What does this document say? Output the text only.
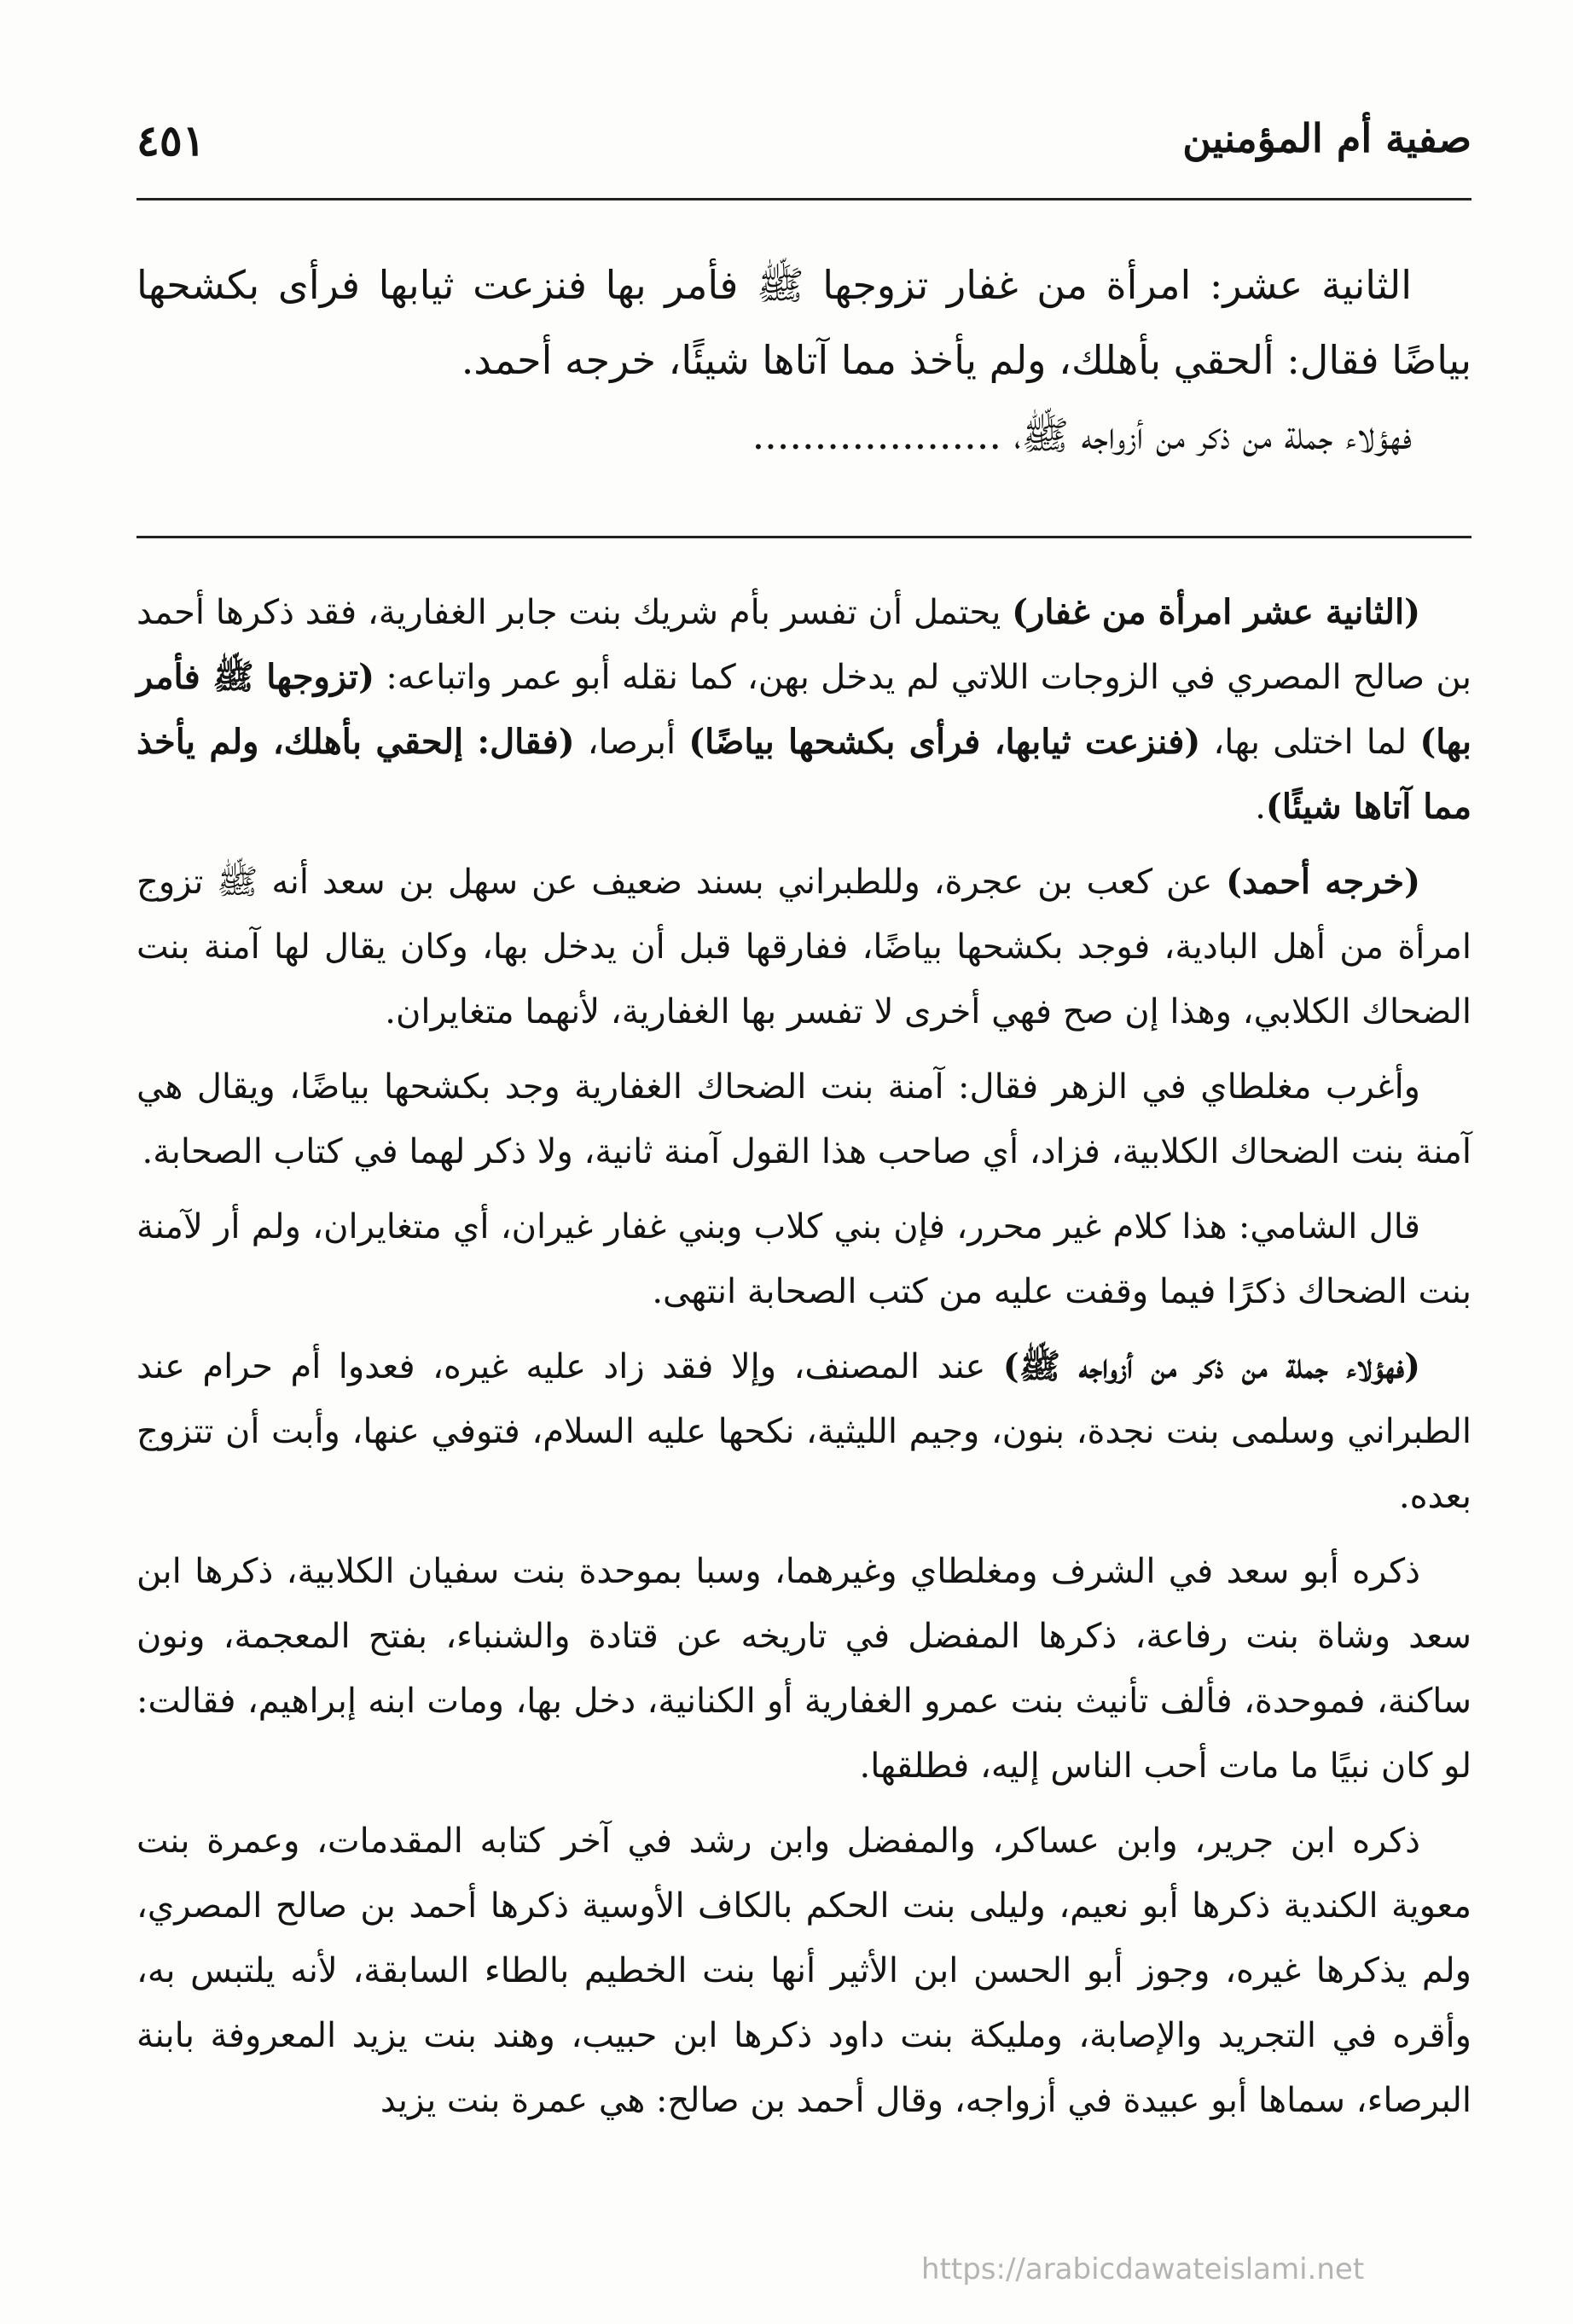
صفية أم المؤمنين
٤٥١

الثانية عشر: امرأة من غفار تزوجها ﷺ فأمر بها فنزعت ثيابها فرأى بكشحها بياضًا فقال: ألحقي بأهلك، ولم يأخذ مما آتاها شيئًا، خرجه أحمد.

فهؤلاء جملة من ذكر من أزواجه ﷺ، ....................

(الثانية عشر امرأة من غفار) يحتمل أن تفسر بأم شريك بنت جابر الغفارية، فقد ذكرها أحمد بن صالح المصري في الزوجات اللاتي لم يدخل بهن، كما نقله أبو عمر واتباعه: (تزوجها ﷺ فأمر بها) لما اختلى بها، (فنزعت ثيابها، فرأى بكشحها بياضًا) أبرصا، (فقال: إلحقي بأهلك، ولم يأخذ مما آتاها شيئًا).

(خرجه أحمد) عن كعب بن عجرة، وللطبراني بسند ضعيف عن سهل بن سعد أنه ﷺ تزوج امرأة من أهل البادية، فوجد بكشحها بياضًا، ففارقها قبل أن يدخل بها، وكان يقال لها آمنة بنت الضحاك الكلابي، وهذا إن صح فهي أخرى لا تفسر بها الغفارية، لأنهما متغايران.

وأغرب مغلطاي في الزهر فقال: آمنة بنت الضحاك الغفارية وجد بكشحها بياضًا، ويقال هي آمنة بنت الضحاك الكلابية، فزاد، أي صاحب هذا القول آمنة ثانية، ولا ذكر لهما في كتاب الصحابة.

قال الشامي: هذا كلام غير محرر، فإن بني كلاب وبني غفار غيران، أي متغايران، ولم أر لآمنة بنت الضحاك ذكرًا فيما وقفت عليه من كتب الصحابة انتهى.

(فهؤلاء جملة من ذكر من أزواجه ﷺ) عند المصنف، وإلا فقد زاد عليه غيره، فعدوا أم حرام عند الطبراني وسلمى بنت نجدة، بنون، وجيم الليثية، نكحها عليه السلام، فتوفي عنها، وأبت أن تتزوج بعده.

ذكره أبو سعد في الشرف ومغلطاي وغيرهما، وسبا بموحدة بنت سفيان الكلابية، ذكرها ابن سعد وشاة بنت رفاعة، ذكرها المفضل في تاريخه عن قتادة والشنباء، بفتح المعجمة، ونون ساكنة، فموحدة، فألف تأنيث بنت عمرو الغفارية أو الكنانية، دخل بها، ومات ابنه إبراهيم، فقالت: لو كان نبيًا ما مات أحب الناس إليه، فطلقها.

ذكره ابن جرير، وابن عساكر، والمفضل وابن رشد في آخر كتابه المقدمات، وعمرة بنت معوية الكندية ذكرها أبو نعيم، وليلى بنت الحكم بالكاف الأوسية ذكرها أحمد بن صالح المصري، ولم يذكرها غيره، وجوز أبو الحسن ابن الأثير أنها بنت الخطيم بالطاء السابقة، لأنه يلتبس به، وأقره في التجريد والإصابة، ومليكة بنت داود ذكرها ابن حبيب، وهند بنت يزيد المعروفة بابنة البرصاء، سماها أبو عبيدة في أزواجه، وقال أحمد بن صالح: هي عمرة بنت يزيد

https://arabicdawateislami.net
